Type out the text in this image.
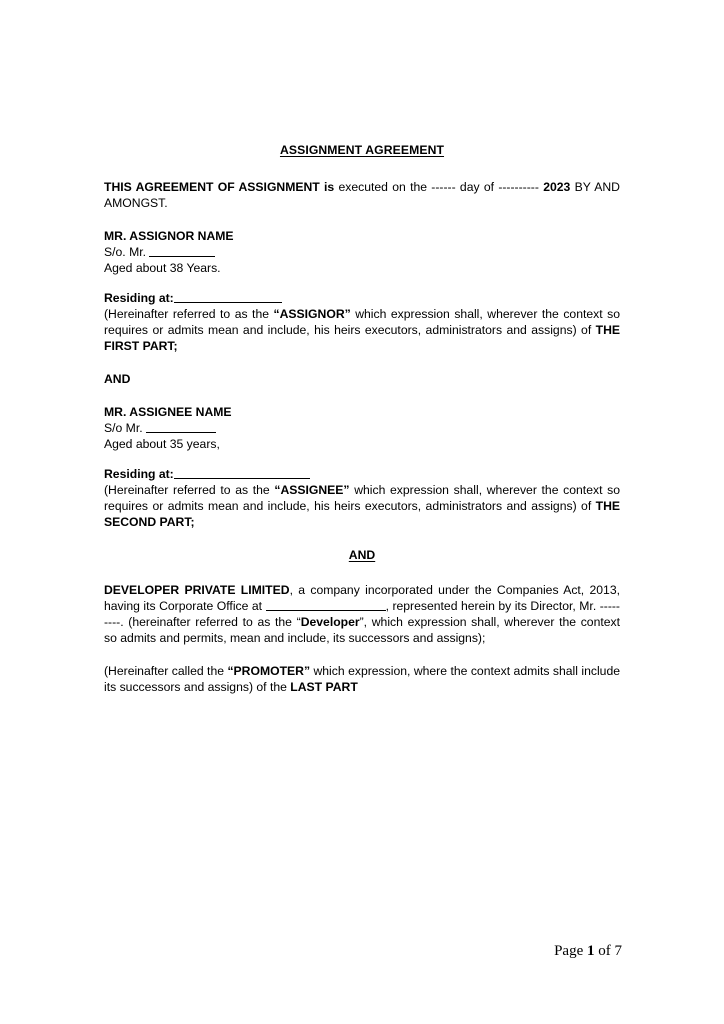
ASSIGNMENT AGREEMENT

THIS AGREEMENT OF ASSIGNMENT is executed on the ------ day of ---------- 2023 BY AND AMONGST.

MR. ASSIGNOR NAME

S/o. Mr.

Aged about 38 Years.

Residing at:

(Hereinafter referred to as the “ASSIGNOR” which expression shall, wherever the context so requires or admits mean and include, his heirs executors, administrators and assigns) of THE FIRST PART;

AND

MR. ASSIGNEE NAME

S/o Mr.

Aged about 35 years,

Residing at:

(Hereinafter referred to as the “ASSIGNEE” which expression shall, wherever the context so requires or admits mean and include, his heirs executors, administrators and assigns) of THE SECOND PART;

AND

DEVELOPER PRIVATE LIMITED, a company incorporated under the Companies Act, 2013, having its Corporate Office at	, represented herein by its Director, Mr. ---------. (hereinafter referred to as the “Developer”, which expression shall, wherever the context so admits and permits, mean and include, its successors and assigns);

(Hereinafter called the “PROMOTER” which expression, where the context admits shall include its successors and assigns) of the LAST PART

Page 1 of 7
